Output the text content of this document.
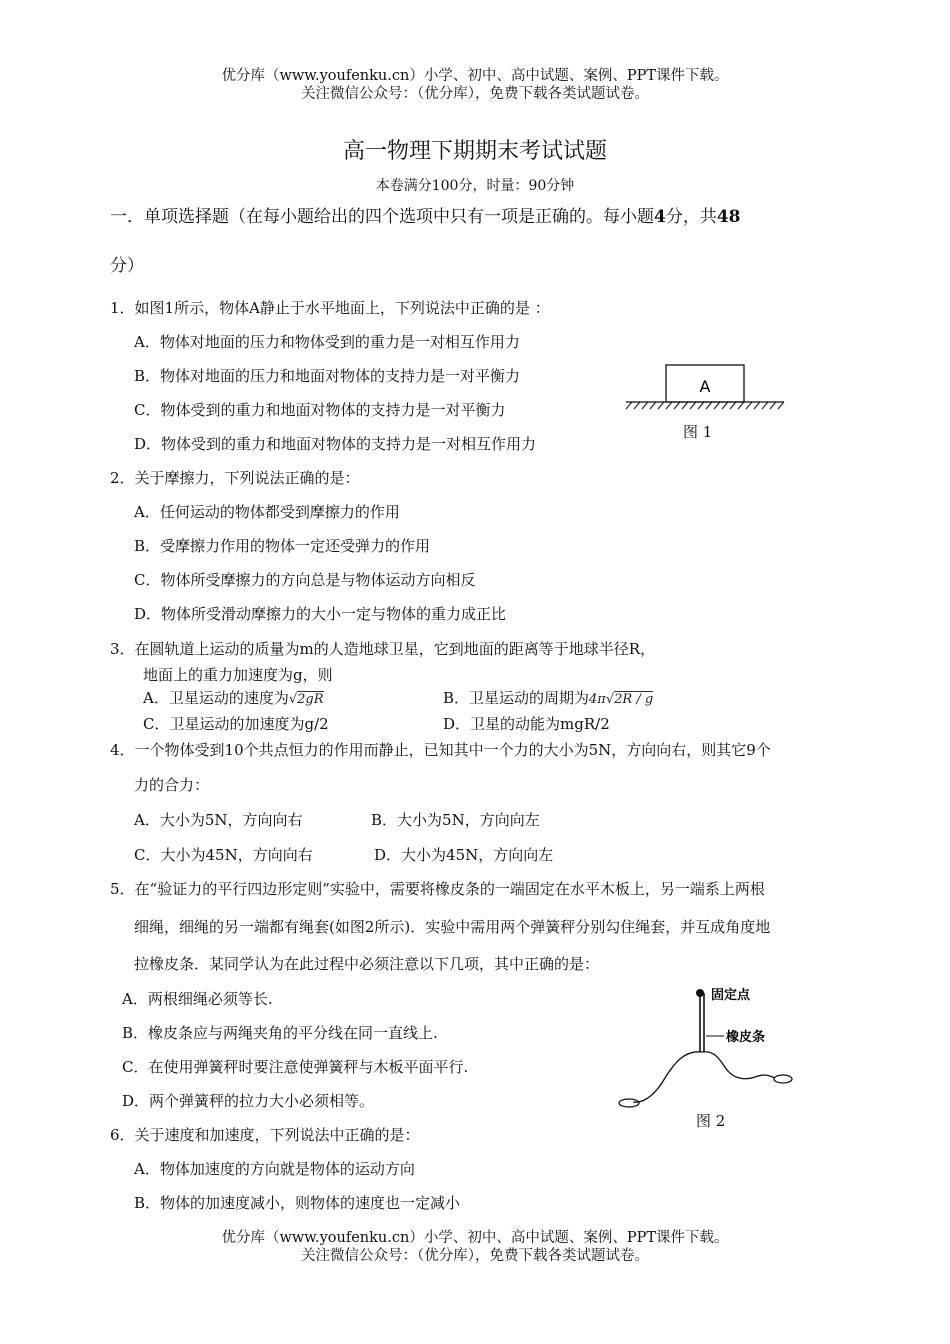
优分库（www.youfenku.cn）小学、初中、高中试题、案例、PPT课件下载。
关注微信公众号：（优分库），免费下载各类试题试卷。
高一物理下期期末考试试题
本卷满分100分，时量：90分钟
一．单项选择题（在每小题给出的四个选项中只有一项是正确的。每小题4分，共48
分）
1．如图1所示，物体A静止于水平地面上，下列说法中正确的是 ：
A．物体对地面的压力和物体受到的重力是一对相互作用力
B．物体对地面的压力和地面对物体的支持力是一对平衡力
C．物体受到的重力和地面对物体的支持力是一对平衡力
D．物体受到的重力和地面对物体的支持力是一对相互作用力
A
图 1
2．关于摩擦力，下列说法正确的是：
A．任何运动的物体都受到摩擦力的作用
B．受摩擦力作用的物体一定还受弹力的作用
C．物体所受摩擦力的方向总是与物体运动方向相反
D．物体所受滑动摩擦力的大小一定与物体的重力成正比
3．在圆轨道上运动的质量为m的人造地球卫星，它到地面的距离等于地球半径R，
地面上的重力加速度为g，则
A．卫星运动的速度为√2gR	B．卫星运动的周期为4π√2R / g
C．卫星运动的加速度为g/2	D．卫星的动能为mgR/2
4．一个物体受到10个共点恒力的作用而静止，已知其中一个力的大小为5N，方向向右，则其它9个
力的合力：
A．大小为5N，方向向右	B．大小为5N，方向向左
C．大小为45N，方向向右	D．大小为45N，方向向左
5．在“验证力的平行四边形定则”实验中，需要将橡皮条的一端固定在水平木板上，另一端系上两根
细绳，细绳的另一端都有绳套(如图2所示)．实验中需用两个弹簧秤分别勾住绳套，并互成角度地
拉橡皮条．某同学认为在此过程中必须注意以下几项，其中正确的是：
A．两根细绳必须等长.
B．橡皮条应与两绳夹角的平分线在同一直线上.
C．在使用弹簧秤时要注意使弹簧秤与木板平面平行.
D．两个弹簧秤的拉力大小必须相等。
固定点
橡皮条
图 2
6．关于速度和加速度，下列说法中正确的是：
A．物体加速度的方向就是物体的运动方向
B．物体的加速度减小，则物体的速度也一定减小
优分库（www.youfenku.cn）小学、初中、高中试题、案例、PPT课件下载。
关注微信公众号：（优分库），免费下载各类试题试卷。
